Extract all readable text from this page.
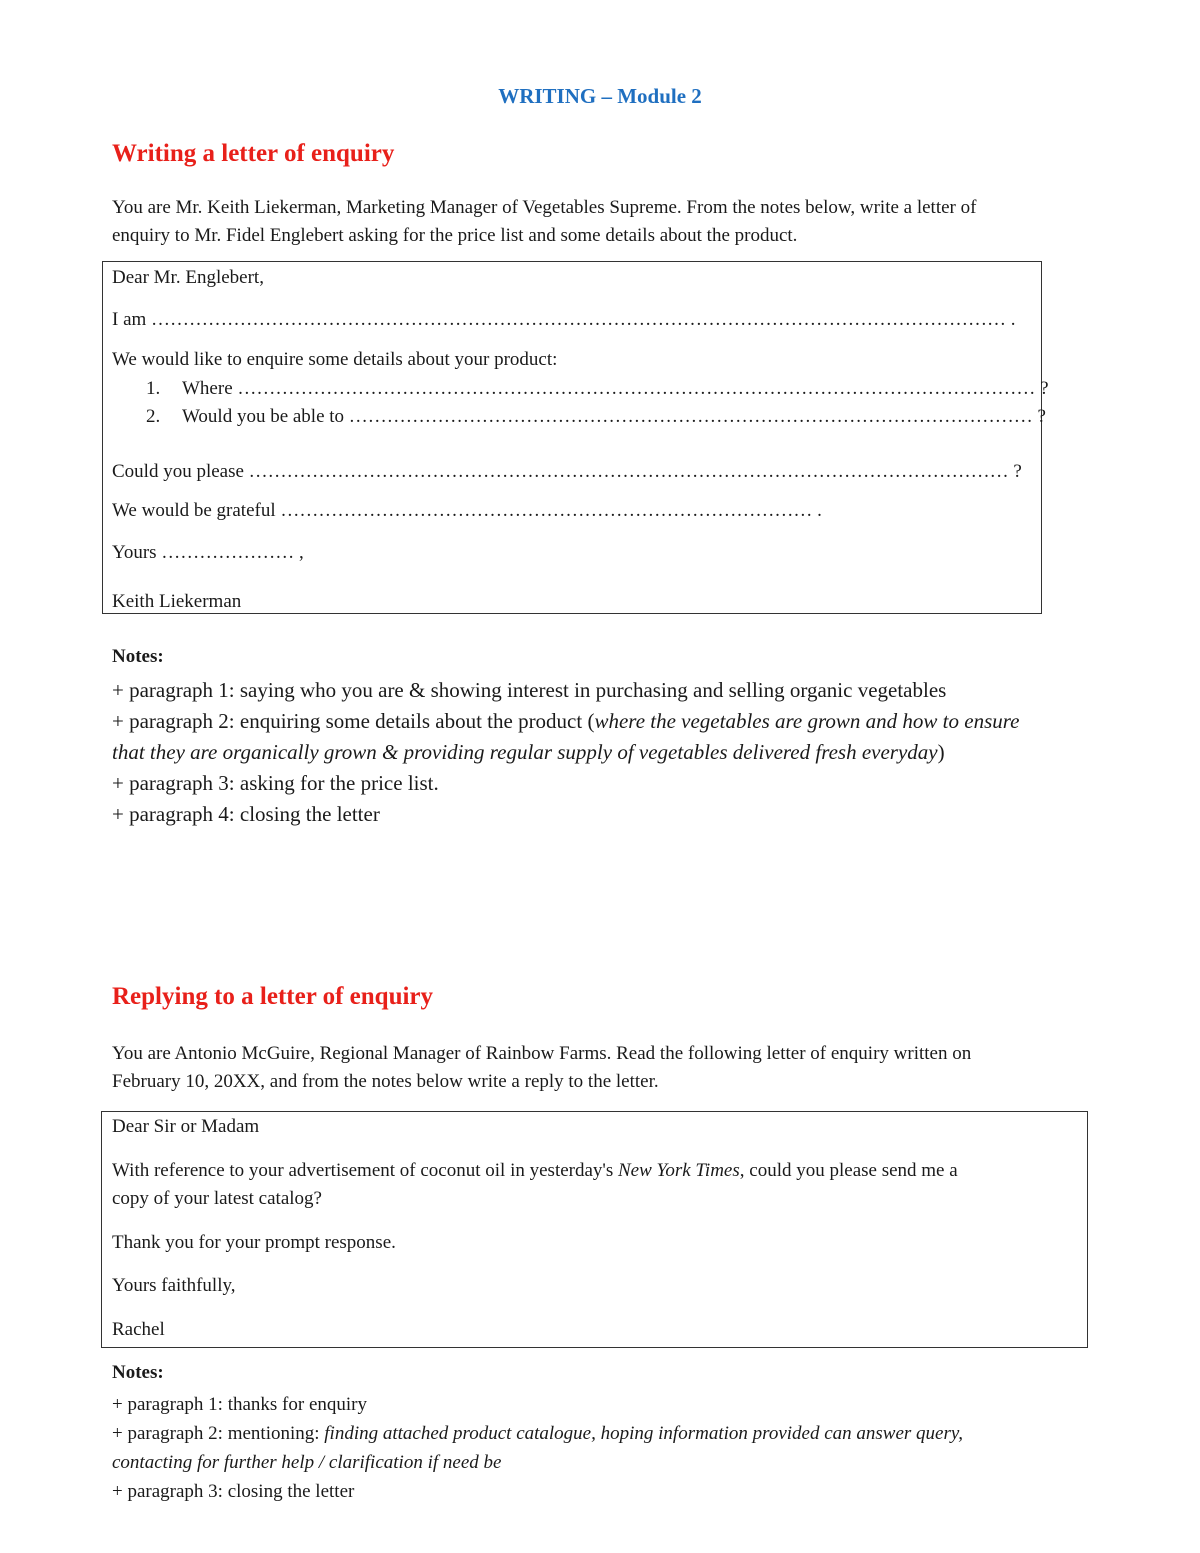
WRITING – Module 2
Writing a letter of enquiry
You are Mr. Keith Liekerman, Marketing Manager of Vegetables Supreme. From the notes below, write a letter of
enquiry to Mr. Fidel Englebert asking for the price list and some details about the product.
Dear Mr. Englebert,
I am ……………………………………………………………………………………………………………………… .
We would like to enquire some details about your product:
1. Where ……………………………………………………………………………………………………………… ?
2. Would you be able to ……………………………………………………………………………………………… ?
Could you please ………………………………………………………………………………………………………… ?
We would be grateful ………………………………………………………………………… .
Yours ………………… ,
Keith Liekerman
Notes:
+ paragraph 1: saying who you are & showing interest in purchasing and selling organic vegetables
+ paragraph 2: enquiring some details about the product (where the vegetables are grown and how to ensure
that they are organically grown & providing regular supply of vegetables delivered fresh everyday)
+ paragraph 3: asking for the price list.
+ paragraph 4: closing the letter
Replying to a letter of enquiry
You are Antonio McGuire, Regional Manager of Rainbow Farms. Read the following letter of enquiry written on
February 10, 20XX, and from the notes below write a reply to the letter.
Dear Sir or Madam
With reference to your advertisement of coconut oil in yesterday's New York Times, could you please send me a
copy of your latest catalog?
Thank you for your prompt response.
Yours faithfully,
Rachel
Notes:
+ paragraph 1: thanks for enquiry
+ paragraph 2: mentioning: finding attached product catalogue, hoping information provided can answer query,
contacting for further help / clarification if need be
+ paragraph 3: closing the letter
